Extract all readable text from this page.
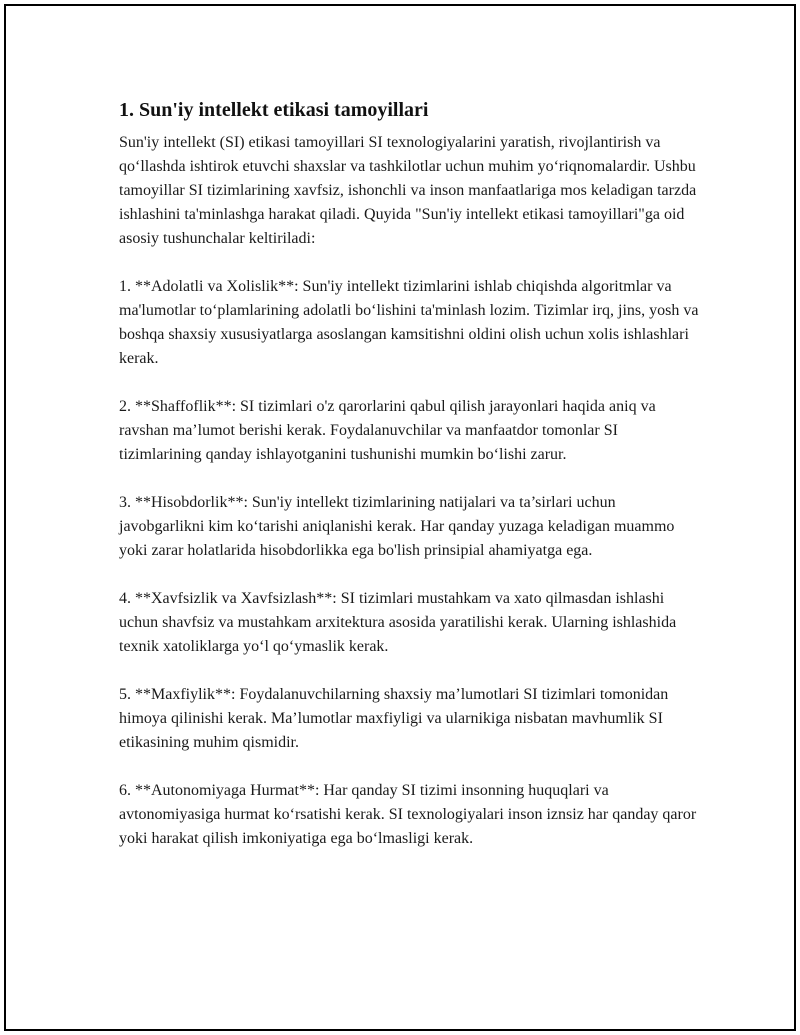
1. Sun'iy intellekt etikasi tamoyillari

Sun'iy intellekt (SI) etikasi tamoyillari SI texnologiyalarini yaratish, rivojlantirish va qo‘llashda ishtirok etuvchi shaxslar va tashkilotlar uchun muhim yo‘riqnomalardir. Ushbu tamoyillar SI tizimlarining xavfsiz, ishonchli va inson manfaatlariga mos keladigan tarzda ishlashini ta'minlashga harakat qiladi. Quyida "Sun'iy intellekt etikasi tamoyillari"ga oid asosiy tushunchalar keltiriladi:

1. **Adolatli va Xolislik**: Sun'iy intellekt tizimlarini ishlab chiqishda algoritmlar va ma'lumotlar to‘plamlarining adolatli bo‘lishini ta'minlash lozim. Tizimlar irq, jins, yosh va boshqa shaxsiy xususiyatlarga asoslangan kamsitishni oldini olish uchun xolis ishlashlari kerak.

2. **Shaffoflik**: SI tizimlari o'z qarorlarini qabul qilish jarayonlari haqida aniq va ravshan ma’lumot berishi kerak. Foydalanuvchilar va manfaatdor tomonlar SI tizimlarining qanday ishlayotganini tushunishi mumkin bo‘lishi zarur.

3. **Hisobdorlik**: Sun'iy intellekt tizimlarining natijalari va ta’sirlari uchun javobgarlikni kim ko‘tarishi aniqlanishi kerak. Har qanday yuzaga keladigan muammo yoki zarar holatlarida hisobdorlikka ega bo'lish prinsipial ahamiyatga ega.

4. **Xavfsizlik va Xavfsizlash**: SI tizimlari mustahkam va xato qilmasdan ishlashi uchun shavfsiz va mustahkam arxitektura asosida yaratilishi kerak. Ularning ishlashida texnik xatoliklarga yo‘l qo‘ymaslik kerak.

5. **Maxfiylik**: Foydalanuvchilarning shaxsiy ma’lumotlari SI tizimlari tomonidan himoya qilinishi kerak. Ma’lumotlar maxfiyligi va ularnikiga nisbatan mavhumlik SI etikasining muhim qismidir.

6. **Autonomiyaga Hurmat**: Har qanday SI tizimi insonning huquqlari va avtonomiyasiga hurmat ko‘rsatishi kerak. SI texnologiyalari inson iznsiz har qanday qaror yoki harakat qilish imkoniyatiga ega bo‘lmasligi kerak.
